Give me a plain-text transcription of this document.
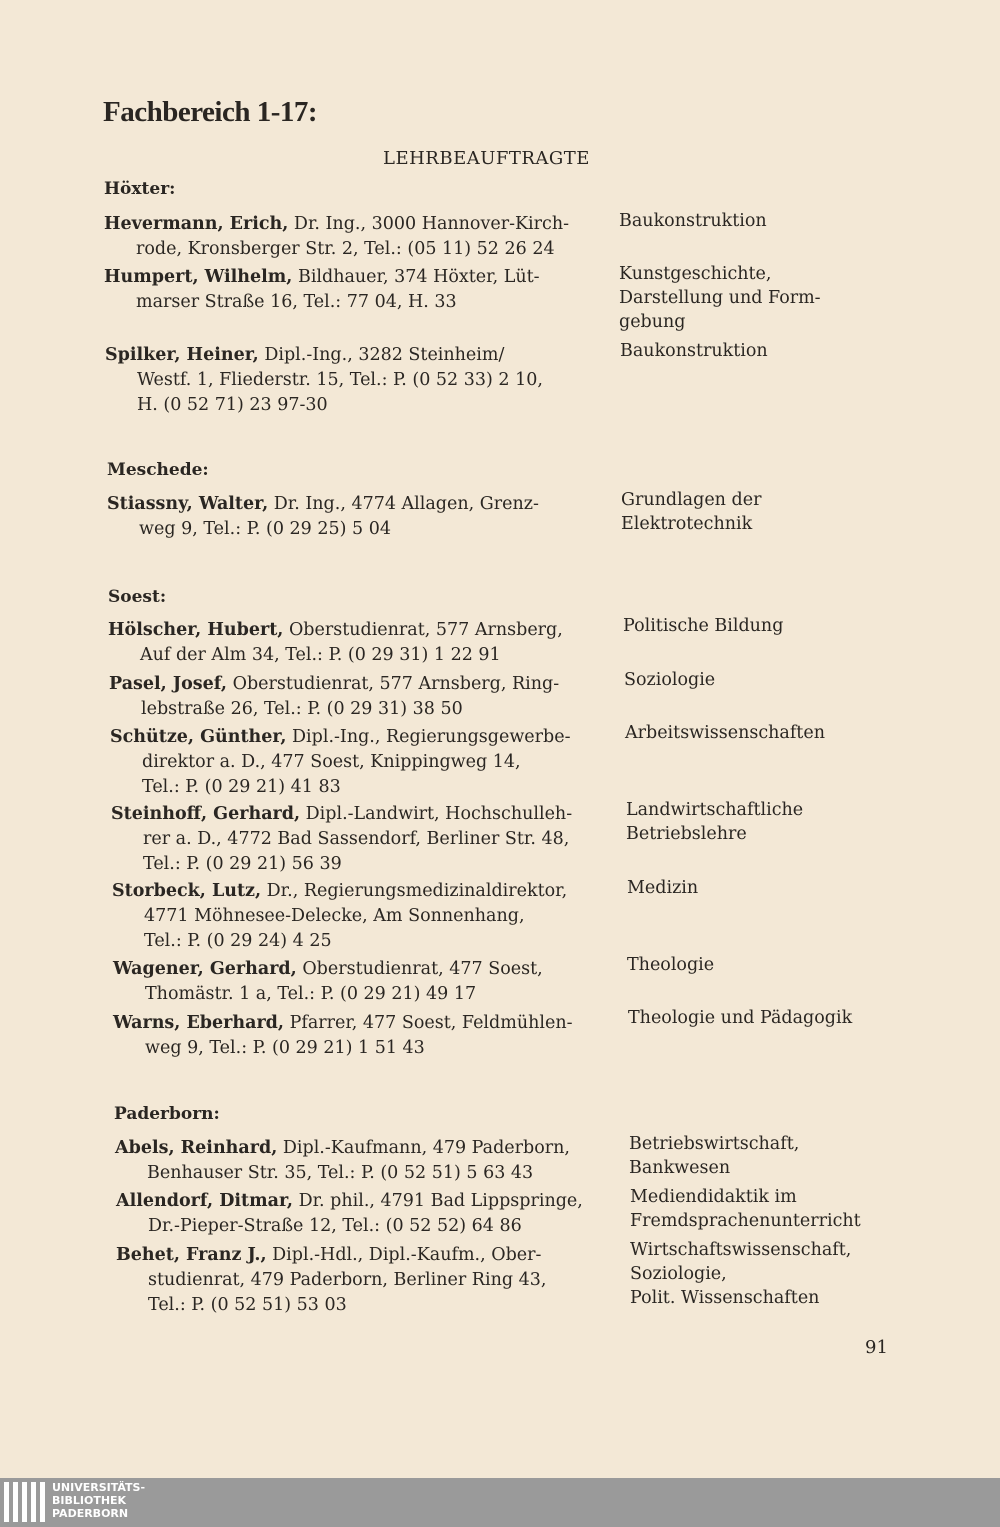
Fachbereich 1-17:
LEHRBEAUFTRAGTE
Höxter:
Hevermann, Erich, Dr. Ing., 3000 Hannover-Kirch-
rode, Kronsberger Str. 2, Tel.: (05 11) 52 26 24
Baukonstruktion
Humpert, Wilhelm, Bildhauer, 374 Höxter, Lüt-
marser Straße 16, Tel.: 77 04, H. 33
Kunstgeschichte,
Darstellung und Form-
gebung
Spilker, Heiner, Dipl.-Ing., 3282 Steinheim/
Westf. 1, Fliederstr. 15, Tel.: P. (0 52 33) 2 10,
H. (0 52 71) 23 97-30
Baukonstruktion
Meschede:
Stiassny, Walter, Dr. Ing., 4774 Allagen, Grenz-
weg 9, Tel.: P. (0 29 25) 5 04
Grundlagen der
Elektrotechnik
Soest:
Hölscher, Hubert, Oberstudienrat, 577 Arnsberg,
Auf der Alm 34, Tel.: P. (0 29 31) 1 22 91
Politische Bildung
Pasel, Josef, Oberstudienrat, 577 Arnsberg, Ring-
lebstraße 26, Tel.: P. (0 29 31) 38 50
Soziologie
Schütze, Günther, Dipl.-Ing., Regierungsgewerbe-
direktor a. D., 477 Soest, Knippingweg 14,
Tel.: P. (0 29 21) 41 83
Arbeitswissenschaften
Steinhoff, Gerhard, Dipl.-Landwirt, Hochschulleh-
rer a. D., 4772 Bad Sassendorf, Berliner Str. 48,
Tel.: P. (0 29 21) 56 39
Landwirtschaftliche
Betriebslehre
Storbeck, Lutz, Dr., Regierungsmedizinaldirektor,
4771 Möhnesee-Delecke, Am Sonnenhang,
Tel.: P. (0 29 24) 4 25
Medizin
Wagener, Gerhard, Oberstudienrat, 477 Soest,
Thomästr. 1 a, Tel.: P. (0 29 21) 49 17
Theologie
Warns, Eberhard, Pfarrer, 477 Soest, Feldmühlen-
weg 9, Tel.: P. (0 29 21) 1 51 43
Theologie und Pädagogik
Paderborn:
Abels, Reinhard, Dipl.-Kaufmann, 479 Paderborn,
Benhauser Str. 35, Tel.: P. (0 52 51) 5 63 43
Betriebswirtschaft,
Bankwesen
Allendorf, Ditmar, Dr. phil., 4791 Bad Lippspringe,
Dr.-Pieper-Straße 12, Tel.: (0 52 52) 64 86
Mediendidaktik im
Fremdsprachenunterricht
Behet, Franz J., Dipl.-Hdl., Dipl.-Kaufm., Ober-
studienrat, 479 Paderborn, Berliner Ring 43,
Tel.: P. (0 52 51) 53 03
Wirtschaftswissenschaft,
Soziologie,
Polit. Wissenschaften
91
UNIVERSITÄTS-
BIBLIOTHEK
PADERBORN
